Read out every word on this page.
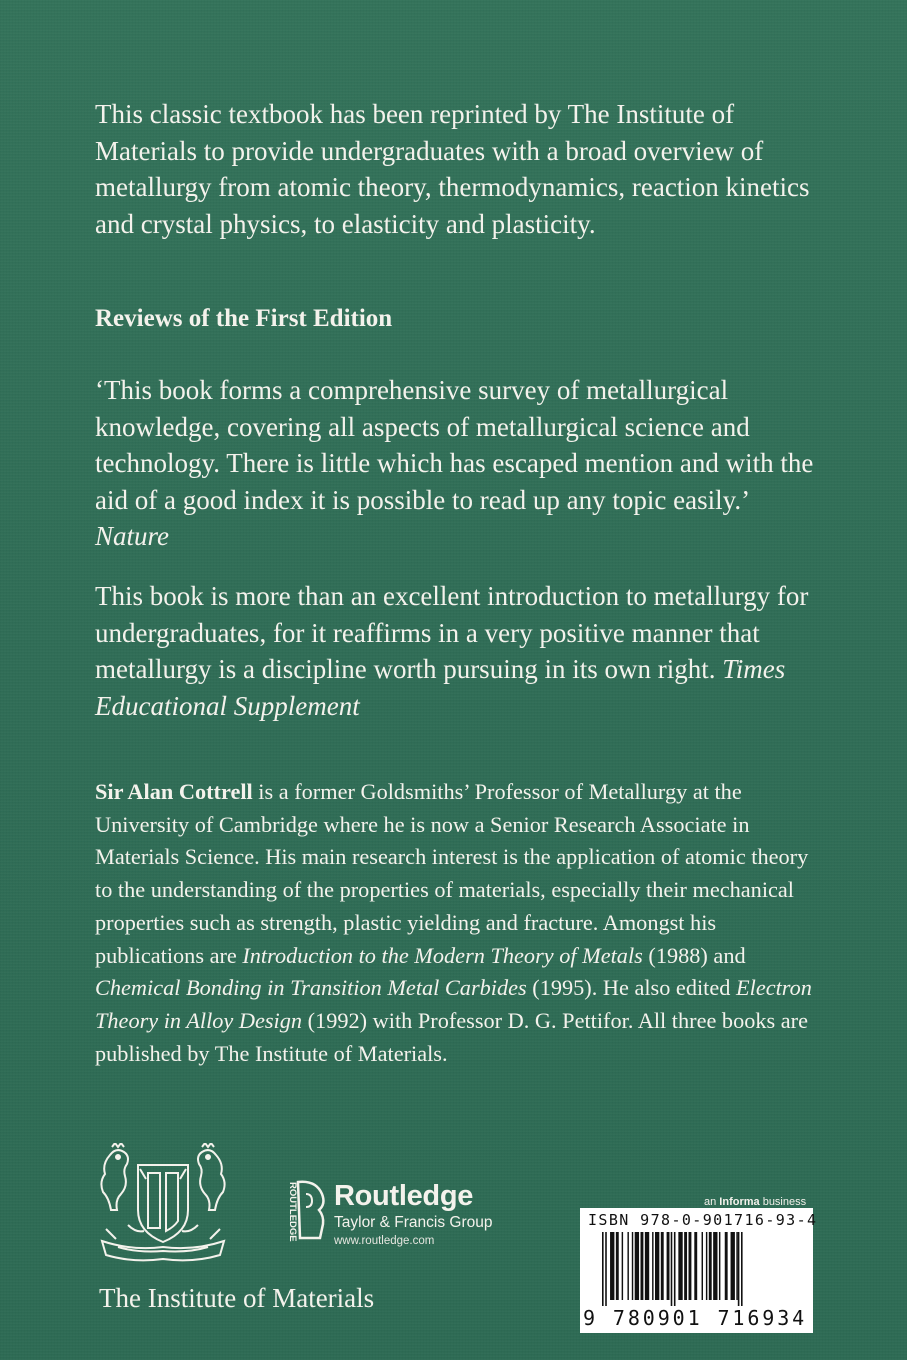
This classic textbook has been reprinted by The Institute of Materials to provide undergraduates with a broad overview of metallurgy from atomic theory, thermodynamics, reaction kinetics and crystal physics, to elasticity and plasticity.

Reviews of the First Edition

‘This book forms a comprehensive survey of metallurgical knowledge, covering all aspects of metallurgical science and technology. There is little which has escaped mention and with the aid of a good index it is possible to read up any topic easily.’ Nature

This book is more than an excellent introduction to metallurgy for undergraduates, for it reaffirms in a very positive manner that metallurgy is a discipline worth pursuing in its own right. Times Educational Supplement

Sir Alan Cottrell is a former Goldsmiths’ Professor of Metallurgy at the University of Cambridge where he is now a Senior Research Associate in Materials Science. His main research interest is the application of atomic theory to the understanding of the properties of materials, especially their mechanical properties such as strength, plastic yielding and fracture. Amongst his publications are Introduction to the Modern Theory of Metals (1988) and Chemical Bonding in Transition Metal Carbides (1995). He also edited Electron Theory in Alloy Design (1992) with Professor D. G. Pettifor. All three books are published by The Institute of Materials.

The Institute of Materials

ROUTLEDGE Routledge
Taylor & Francis Group
www.routledge.com
an Informa business

ISBN 978-0-901716-93-4

9 780901 716934
